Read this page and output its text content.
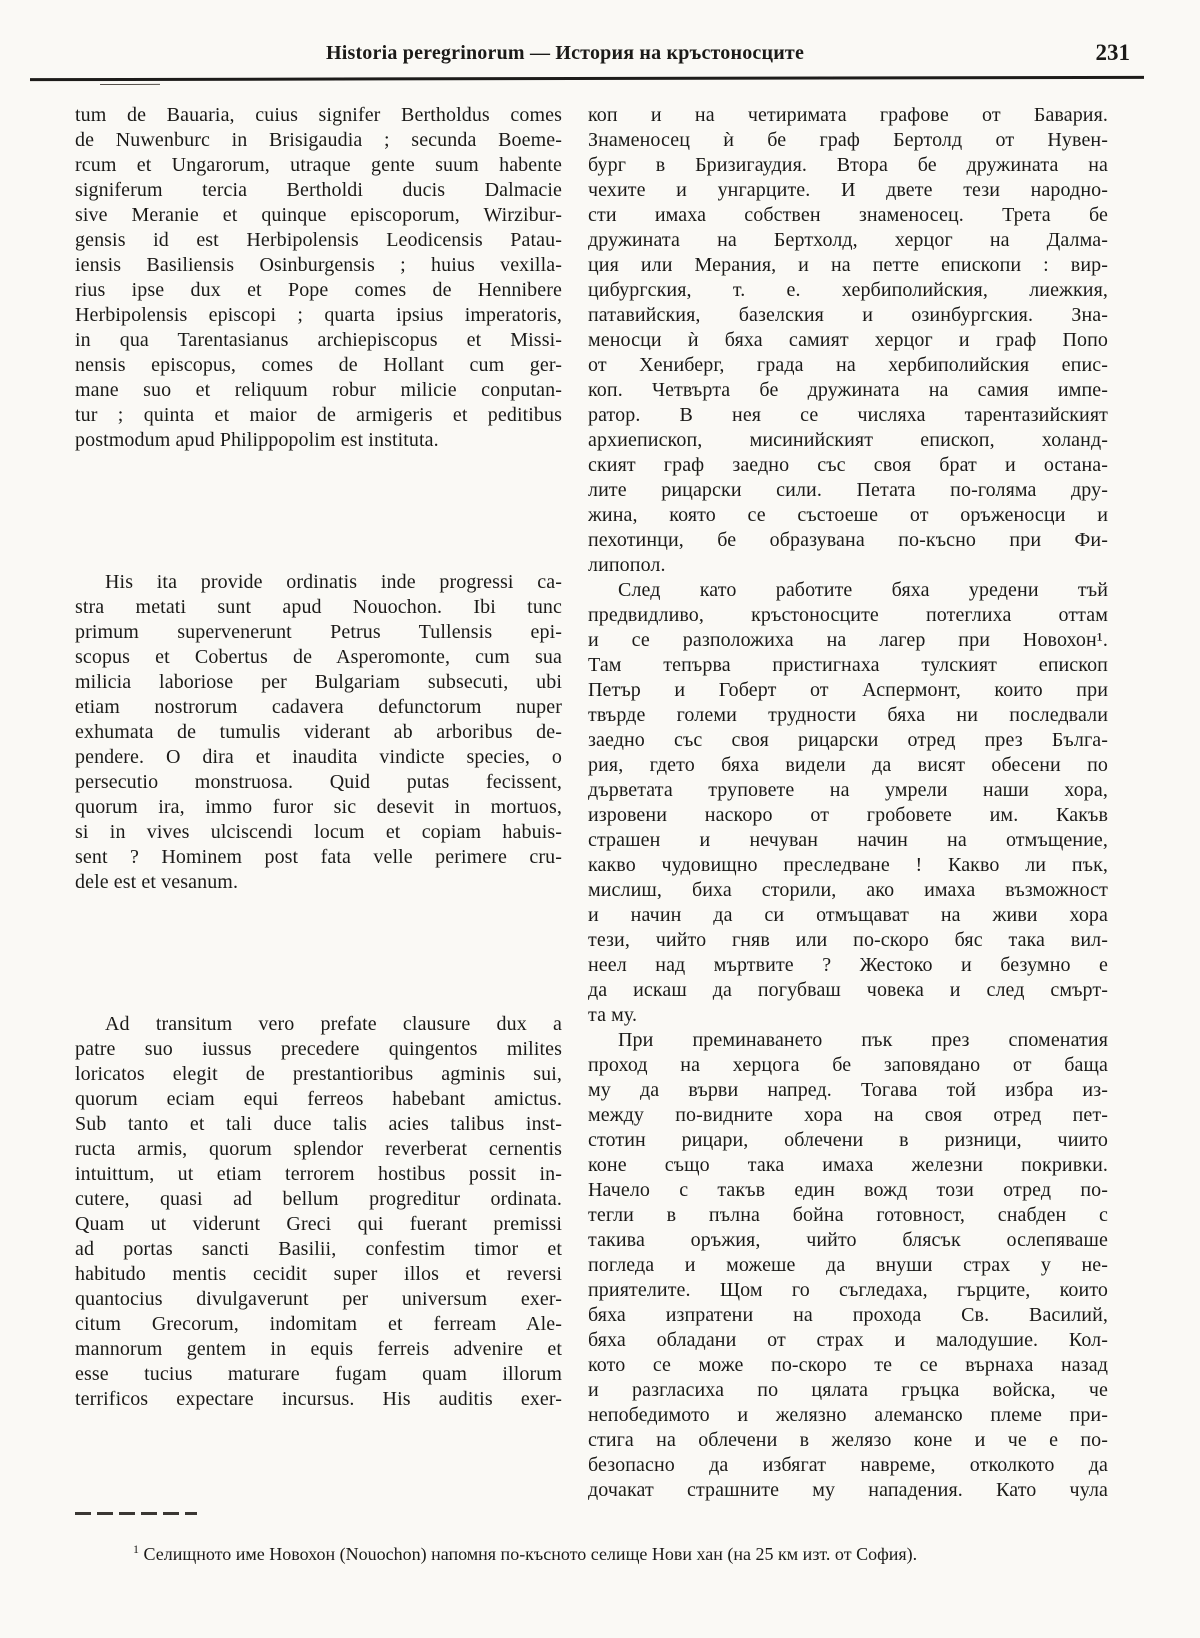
Historia peregrinorum — История на кръстоносците	231

tum de Bauaria, cuius signifer Bertholdus comes
de Nuwenburc in Brisigaudia ; secunda Boeme-
rcum et Ungarorum, utraque gente suum habente
signiferum tercia Bertholdi ducis Dalmacie
sive Meranie et quinque episcoporum, Wirzibur-
gensis id est Herbipolensis Leodicensis Patau-
iensis Basiliensis Osinburgensis ; huius vexilla-
rius ipse dux et Pope comes de Hennibere
Herbipolensis episcopi ; quarta ipsius imperatoris,
in qua Tarentasianus archiepiscopus et Missi-
nensis episcopus, comes de Hollant cum ger-
mane suo et reliquum robur milicie conputan-
tur ; quinta et maior de armigeris et peditibus
postmodum apud Philippopolim est instituta.

His ita provide ordinatis inde progressi ca-
stra metati sunt apud Nouochon. Ibi tunc
primum supervenerunt Petrus Tullensis epi-
scopus et Cobertus de Asperomonte, cum sua
milicia laboriose per Bulgariam subsecuti, ubi
etiam nostrorum cadavera defunctorum nuper
exhumata de tumulis viderant ab arboribus de-
pendere. O dira et inaudita vindicte species, o
persecutio monstruosa. Quid putas fecissent,
quorum ira, immo furor sic desevit in mortuos,
si in vives ulciscendi locum et copiam habuis-
sent ? Hominem post fata velle perimere cru-
dele est et vesanum.

Ad transitum vero prefate clausure dux a
patre suo iussus precedere quingentos milites
loricatos elegit de prestantioribus agminis sui,
quorum eciam equi ferreos habebant amictus.
Sub tanto et tali duce talis acies talibus inst-
ructa armis, quorum splendor reverberat cernentis
intuittum, ut etiam terrorem hostibus possit in-
cutere, quasi ad bellum progreditur ordinata.
Quam ut viderunt Greci qui fuerant premissi
ad portas sancti Basilii, confestim timor et
habitudo mentis cecidit super illos et reversi
quantocius divulgaverunt per universum exer-
citum Grecorum, indomitam et ferream Ale-
mannorum gentem in equis ferreis advenire et
esse tucius maturare fugam quam illorum
terrificos expectare incursus. His auditis exer-

коп и на четиримата графове от Бавария.
Знаменосец ѝ бе граф Бертолд от Нувен-
бург в Бризигаудия. Втора бе дружината на
чехите и унгарците. И двете тези народно-
сти имаха собствен знаменосец. Трета бе
дружината на Бертхолд, херцог на Далма-
ция или Мерания, и на петте епископи : вир-
цибургския, т. е. хербиполийския, лиежкия,
патавийския, базелския и озинбургския. Зна-
меносци ѝ бяха самият херцог и граф Попо
от Хениберг, града на хербиполийския епис-
коп. Четвърта бе дружината на самия импе-
ратор. В нея се числяха тарентазийският
архиепископ, мисинийският епископ, холанд-
ският граф заедно със своя брат и остана-
лите рицарски сили. Петата по-голяма дру-
жина, която се състоеше от оръженосци и
пехотинци, бе образувана по-късно при Фи-
липопол.

След като работите бяха уредени тъй
предвидливо, кръстоносците потеглиха оттам
и се разположиха на лагер при Новохон¹.
Там тепърва пристигнаха тулският епископ
Петър и Гоберт от Аспермонт, които при
твърде големи трудности бяха ни последвали
заедно със своя рицарски отред през Бълга-
рия, гдето бяха видели да висят обесени по
дърветата труповете на умрели наши хора,
изровени наскоро от гробовете им. Какъв
страшен и нечуван начин на отмъщение,
какво чудовищно преследване ! Какво ли пък,
мислиш, биха сторили, ако имаха възможност
и начин да си отмъщават на живи хора
тези, чийто гняв или по-скоро бяс така вил-
неел над мъртвите ? Жестоко и безумно е
да искаш да погубваш човека и след смърт-
та му.

При преминаването пък през споменатия
проход на херцога бе заповядано от баща
му да върви напред. Тогава той избра из-
между по-видните хора на своя отред пет-
стотин рицари, облечени в ризници, чиито
коне също така имаха железни покривки.
Начело с такъв един вожд този отред по-
тегли в пълна бойна готовност, снабден с
такива оръжия, чийто блясък ослепяваше
погледа и можеше да внуши страх у не-
приятелите. Щом го съгледаха, гърците, които
бяха изпратени на прохода Св. Василий,
бяха обладани от страх и малодушие. Кол-
кото се може по-скоро те се върнаха назад
и разгласиха по цялата гръцка войска, че
непобедимото и желязно алеманско племе при-
стига на облечени в желязо коне и че е по-
безопасно да избягат навреме, отколкото да
дочакат страшните му нападения. Като чула

$^1$ Селищното име Новохон (Nouochon) напомня по-късното селище Нови хан (на 25 км изт. от София).
